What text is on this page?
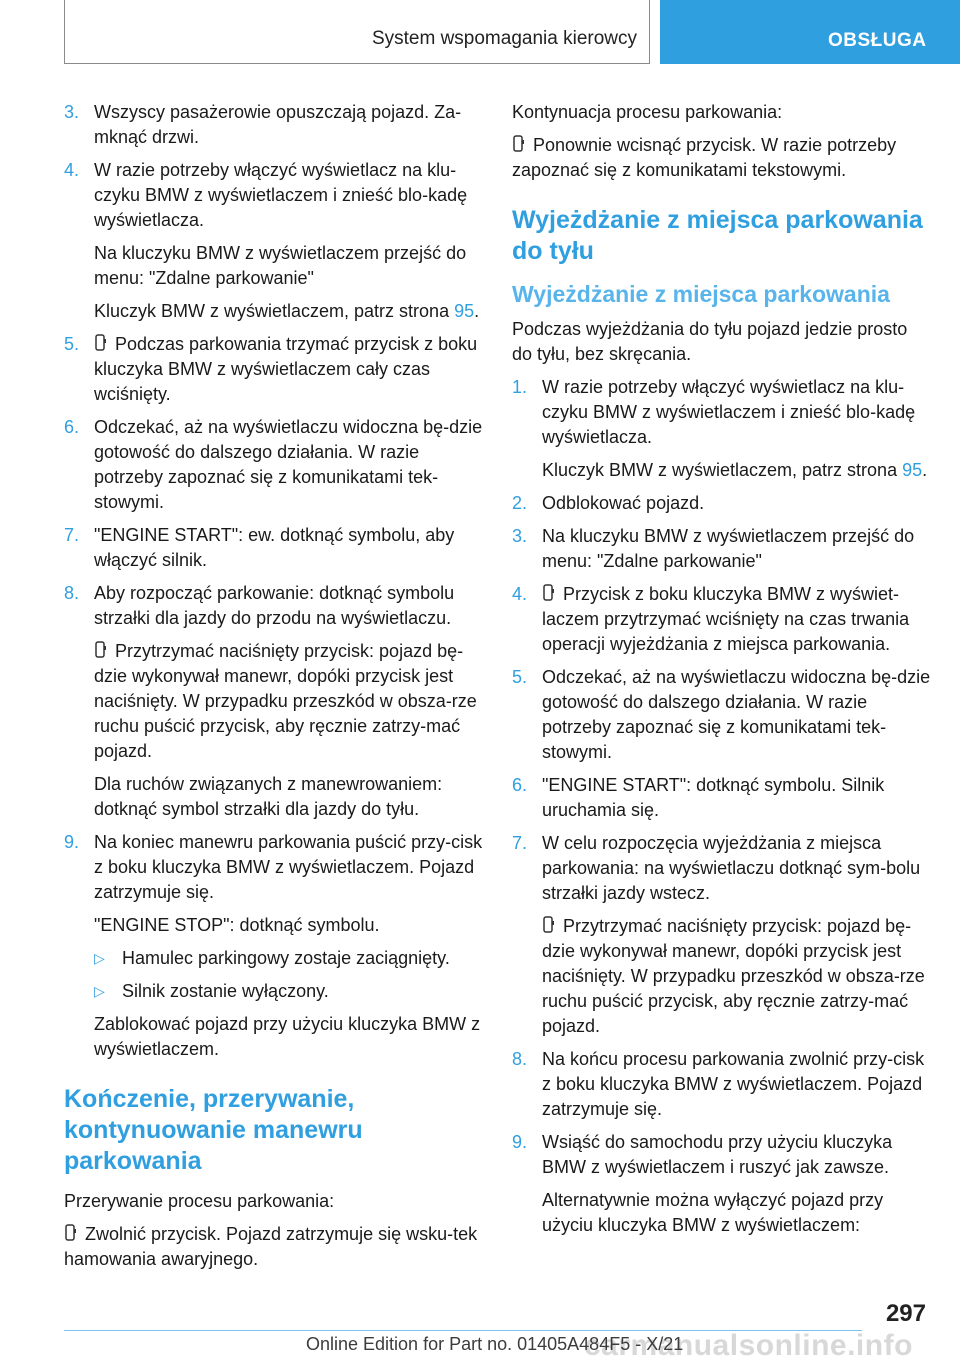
System wspomagania kierowcy	OBSŁUGA
3. Wszyscy pasażerowie opuszczają pojazd. Za-mknąć drzwi.
4. W razie potrzeby włączyć wyświetlacz na klu-czyku BMW z wyświetlaczem i znieść blo-kadę wyświetlacza.
Na kluczyku BMW z wyświetlaczem przejść do menu: "Zdalne parkowanie"
Kluczyk BMW z wyświetlaczem, patrz strona 95.
5.	Podczas parkowania trzymać przycisk z boku kluczyka BMW z wyświetlaczem cały czas wciśnięty.
6. Odczekać, aż na wyświetlaczu widoczna bę-dzie gotowość do dalszego działania. W razie potrzeby zapoznać się z komunikatami tek-stowymi.
7. "ENGINE START": ew. dotknąć symbolu, aby włączyć silnik.
8. Aby rozpocząć parkowanie: dotknąć symbolu strzałki dla jazdy do przodu na wyświetlaczu.
Przytrzymać naciśnięty przycisk: pojazd bę-dzie wykonywał manewr, dopóki przycisk jest naciśnięty. W przypadku przeszkód w obsza-rze ruchu puścić przycisk, aby ręcznie zatrzy-mać pojazd.
Dla ruchów związanych z manewrowaniem: dotknąć symbol strzałki dla jazdy do tyłu.
9. Na koniec manewru parkowania puścić przy-cisk z boku kluczyka BMW z wyświetlaczem. Pojazd zatrzymuje się.
"ENGINE STOP": dotknąć symbolu.
▷ Hamulec parkingowy zostaje zaciągnięty.
▷ Silnik zostanie wyłączony.
Zablokować pojazd przy użyciu kluczyka BMW z wyświetlaczem.
Kończenie, przerywanie, kontynuowanie manewru parkowania
Przerywanie procesu parkowania:
Zwolnić przycisk. Pojazd zatrzymuje się wsku-tek hamowania awaryjnego.
Kontynuacja procesu parkowania:
Ponownie wcisnąć przycisk. W razie potrzeby zapoznać się z komunikatami tekstowymi.
Wyjeżdżanie z miejsca parkowania do tyłu
Wyjeżdżanie z miejsca parkowania
Podczas wyjeżdżania do tyłu pojazd jedzie prosto do tyłu, bez skręcania.
1. W razie potrzeby włączyć wyświetlacz na klu-czyku BMW z wyświetlaczem i znieść blo-kadę wyświetlacza.
Kluczyk BMW z wyświetlaczem, patrz strona 95.
2. Odblokować pojazd.
3. Na kluczyku BMW z wyświetlaczem przejść do menu: "Zdalne parkowanie"
4.	Przycisk z boku kluczyka BMW z wyświet-laczem przytrzymać wciśnięty na czas trwania operacji wyjeżdżania z miejsca parkowania.
5. Odczekać, aż na wyświetlaczu widoczna bę-dzie gotowość do dalszego działania. W razie potrzeby zapoznać się z komunikatami tek-stowymi.
6. "ENGINE START": dotknąć symbolu. Silnik uruchamia się.
7. W celu rozpoczęcia wyjeżdżania z miejsca parkowania: na wyświetlaczu dotknąć sym-bolu strzałki jazdy wstecz.
Przytrzymać naciśnięty przycisk: pojazd bę-dzie wykonywał manewr, dopóki przycisk jest naciśnięty. W przypadku przeszkód w obsza-rze ruchu puścić przycisk, aby ręcznie zatrzy-mać pojazd.
8. Na końcu procesu parkowania zwolnić przy-cisk z boku kluczyka BMW z wyświetlaczem. Pojazd zatrzymuje się.
9. Wsiąść do samochodu przy użyciu kluczyka BMW z wyświetlaczem i ruszyć jak zawsze.
Alternatywnie można wyłączyć pojazd przy użyciu kluczyka BMW z wyświetlaczem:
297
carmanualsonline.info
Online Edition for Part no. 01405A484F5 - X/21
